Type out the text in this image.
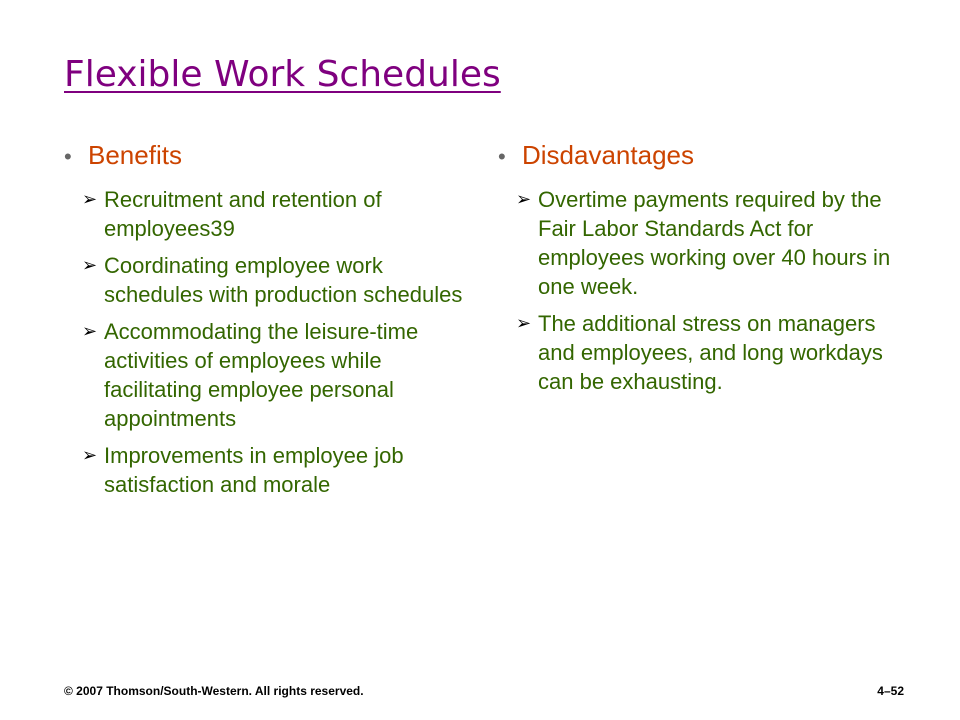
Flexible Work Schedules
• Benefits
➢ Recruitment and retention of employees39
➢ Coordinating employee work schedules with production schedules
➢ Accommodating the leisure-time activities of employees while facilitating employee personal appointments
➢ Improvements in employee job satisfaction and morale
• Disdavantages
➢ Overtime payments required by the Fair Labor Standards Act for employees working over 40 hours in one week.
➢ The additional stress on managers and employees, and long workdays can be exhausting.
© 2007 Thomson/South-Western. All rights reserved.	4–52
